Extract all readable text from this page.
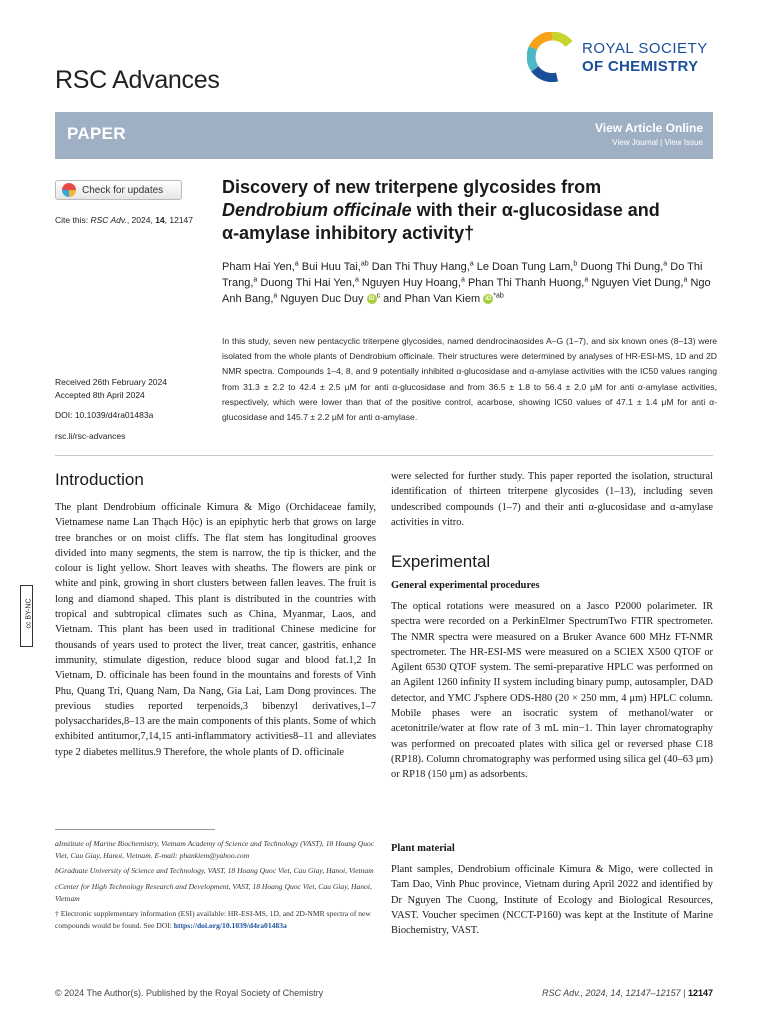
RSC Advances
ROYAL SOCIETY
OF CHEMISTRY
PAPER	View Article Online
View Journal | View Issue
Check for updates
Cite this: RSC Adv., 2024, 14, 12147
Received 26th February 2024
Accepted 8th April 2024
DOI: 10.1039/d4ra01483a
rsc.li/rsc-advances
Discovery of new triterpene glycosides from
Dendrobium officinale with their α-glucosidase and
α-amylase inhibitory activity†
Pham Hai Yen,$^a$ Bui Huu Tai,$^{ab}$ Dan Thi Thuy Hang,$^a$ Le Doan Tung Lam,$^b$ Duong Thi Dung,$^a$ Do Thi Trang,$^a$ Duong Thi Hai Yen,$^a$ Nguyen Huy Hoang,$^a$ Phan Thi Thanh Huong,$^a$ Nguyen Viet Dung,$^a$ Ngo Anh Bang,$^a$ Nguyen Duc Duy iD $^c$ and Phan Van Kiem iD $^{*ab}$
In this study, seven new pentacyclic triterpene glycosides, named dendrocinaosides A–G (1–7), and six known ones (8–13) were isolated from the whole plants of Dendrobium officinale. Their structures were determined by analyses of HR-ESI-MS, 1D and 2D NMR spectra. Compounds 1–4, 8, and 9 potentially inhibited α-glucosidase and α-amylase activities with the IC50 values ranging from 31.3 ± 2.2 to 42.4 ± 2.5 μM for anti α-glucosidase and from 36.5 ± 1.8 to 56.4 ± 2.0 μM for anti α-amylase activities, respectively, which were lower than that of the positive control, acarbose, showing IC50 values of 47.1 ± 1.4 μM for anti α-glucosidase and 145.7 ± 2.2 μM for anti α-amylase.
cc BY-NC
Introduction
The plant Dendrobium officinale Kimura & Migo (Orchidaceae family, Vietnamese name Lan Thạch Hộc) is an epiphytic herb that grows on large tree branches or on moist cliffs. The flat stem has longitudinal grooves divided into many segments, the stem is narrow, the tip is thicker, and the colour is light yellow. Short leaves with sheaths. The flowers are pink or white and pink, growing in short clusters between fallen leaves. The fruit is long and diamond shaped. This plant is distributed in the countries with tropical and subtropical climates such as China, Myanmar, Laos, and Vietnam. This plant has been used in traditional Chinese medicine for thousands of years used to protect the liver, treat cancer, gastritis, enhance immunity, stimulate digestion, reduce blood sugar and blood fat.1,2 In Vietnam, D. officinale has been found in the mountains and forests of Vinh Phu, Quang Tri, Quang Nam, Da Nang, Gia Lai, Lam Dong provinces. The previous studies reported terpenoids,3 bibenzyl derivatives,1–7 polysaccharides,8–13 are the main components of this plants. Some of which exhibited antitumor,7,14,15 anti-inflammatory activities8–11 and alleviates type 2 diabetes mellitus.9 Therefore, the whole plants of D. officinale
aInstitute of Marine Biochemistry, Vietnam Academy of Science and Technology (VAST), 18 Hoang Quoc Viet, Cau Giay, Hanoi, Vietnam. E-mail: phankiem@yahoo.com
bGraduate University of Science and Technology, VAST, 18 Hoang Quoc Viet, Cau Giay, Hanoi, Vietnam
cCenter for High Technology Research and Development, VAST, 18 Hoang Quoc Viet, Cau Giay, Hanoi, Vietnam
† Electronic supplementary information (ESI) available: HR-ESI-MS, 1D, and 2D-NMR spectra of new compounds would be found. See DOI: https://doi.org/10.1039/d4ra01483a
were selected for further study. This paper reported the isolation, structural identification of thirteen triterpene glycosides (1–13), including seven undescribed compounds (1–7) and their anti α-glucosidase and α-amylase activities in vitro.
Experimental
General experimental procedures
The optical rotations were measured on a Jasco P2000 polarimeter. IR spectra were recorded on a PerkinElmer SpectrumTwo FTIR spectrometer. The NMR spectra were measured on a Bruker Avance 600 MHz FT-NMR spectrometer. The HR-ESI-MS were measured on a SCIEX X500 QTOF or Agilent 6530 QTOF system. The semi-preparative HPLC was performed on an Agilent 1260 infinity II system including binary pump, autosampler, DAD detector, and YMC J'sphere ODS-H80 (20 × 250 mm, 4 μm) HPLC column. Mobile phases were an isocratic system of methanol/water or acetonitrile/water at flow rate of 3 mL min−1. Thin layer chromatography was performed on precoated plates with silica gel or reversed phase C18 (RP18). Column chromatography was performed using silica gel (40–63 μm) or RP18 (150 μm) as adsorbents.
Plant material
Plant samples, Dendrobium officinale Kimura & Migo, were collected in Tam Dao, Vinh Phuc province, Vietnam during April 2022 and identified by Dr Nguyen The Cuong, Institute of Ecology and Biological Resources, VAST. Voucher specimen (NCCT-P160) was kept at the Institute of Marine Biochemistry, VAST.
© 2024 The Author(s). Published by the Royal Society of Chemistry	RSC Adv., 2024, 14, 12147–12157 | 12147
